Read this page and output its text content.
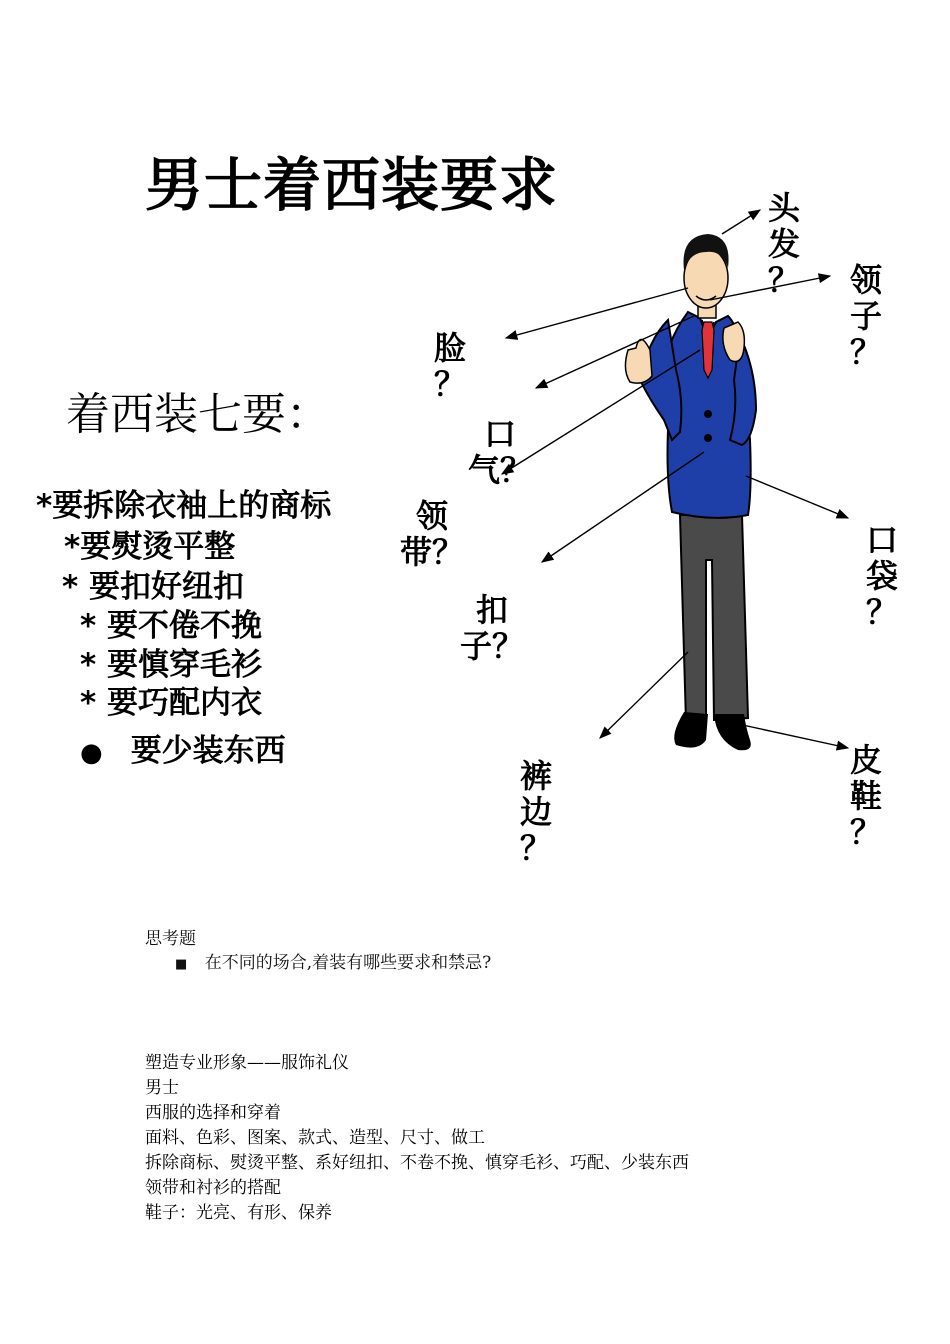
男士着西装要求
着西装七要：
*要拆除衣袖上的商标
*要熨烫平整
* 要扣好纽扣
* 要不倦不挽
* 要慎穿毛衫
* 要巧配内衣
● 要少装东西
头
发
？ 领
子
？
脸
？
口
气？
领
带？	口
袋
？
扣
子？
裤
边
？
皮
鞋
？
思考题
■ 在不同的场合,着装有哪些要求和禁忌?
塑造专业形象——服饰礼仪
男士
西服的选择和穿着
面料、色彩、图案、款式、造型、尺寸、做工
拆除商标、熨烫平整、系好纽扣、不卷不挽、慎穿毛衫、巧配、少装东西
领带和衬衫的搭配
鞋子：光亮、有形、保养
